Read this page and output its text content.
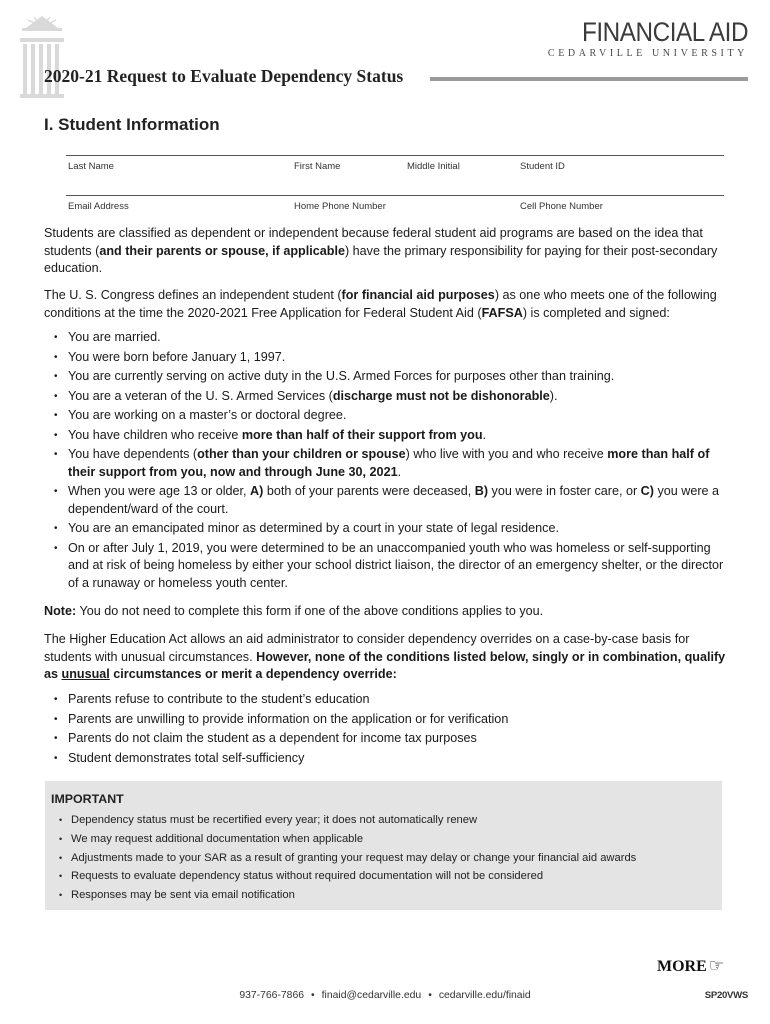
FINANCIAL AID
CEDARVILLE UNIVERSITY
2020-21 Request to Evaluate Dependency Status
I. Student Information
Last Name	First Name	Middle Initial	Student ID
Email Address	Home Phone Number	Cell Phone Number
Students are classified as dependent or independent because federal student aid programs are based on the idea that students (and their parents or spouse, if applicable) have the primary responsibility for paying for their post-secondary education.
The U. S. Congress defines an independent student (for financial aid purposes) as one who meets one of the following conditions at the time the 2020-2021 Free Application for Federal Student Aid (FAFSA) is completed and signed:
• You are married.
• You were born before January 1, 1997.
• You are currently serving on active duty in the U.S. Armed Forces for purposes other than training.
• You are a veteran of the U. S. Armed Services (discharge must not be dishonorable).
• You are working on a master’s or doctoral degree.
• You have children who receive more than half of their support from you.
• You have dependents (other than your children or spouse) who live with you and who receive more than half of their support from you, now and through June 30, 2021.
• When you were age 13 or older, A) both of your parents were deceased, B) you were in foster care, or C) you were a dependent/ward of the court.
• You are an emancipated minor as determined by a court in your state of legal residence.
• On or after July 1, 2019, you were determined to be an unaccompanied youth who was homeless or self-supporting and at risk of being homeless by either your school district liaison, the director of an emergency shelter, or the director of a runaway or homeless youth center.
Note: You do not need to complete this form if one of the above conditions applies to you.
The Higher Education Act allows an aid administrator to consider dependency overrides on a case-by-case basis for students with unusual circumstances. However, none of the conditions listed below, singly or in combination, qualify as unusual circumstances or merit a dependency override:
• Parents refuse to contribute to the student’s education
• Parents are unwilling to provide information on the application or for verification
• Parents do not claim the student as a dependent for income tax purposes
• Student demonstrates total self-sufficiency
IMPORTANT
• Dependency status must be recertified every year; it does not automatically renew
• We may request additional documentation when applicable
• Adjustments made to your SAR as a result of granting your request may delay or change your financial aid awards
• Requests to evaluate dependency status without required documentation will not be considered
• Responses may be sent via email notification
MORE ☞
937-766-7866 • finaid@cedarville.edu • cedarville.edu/finaid	SP20VWS
